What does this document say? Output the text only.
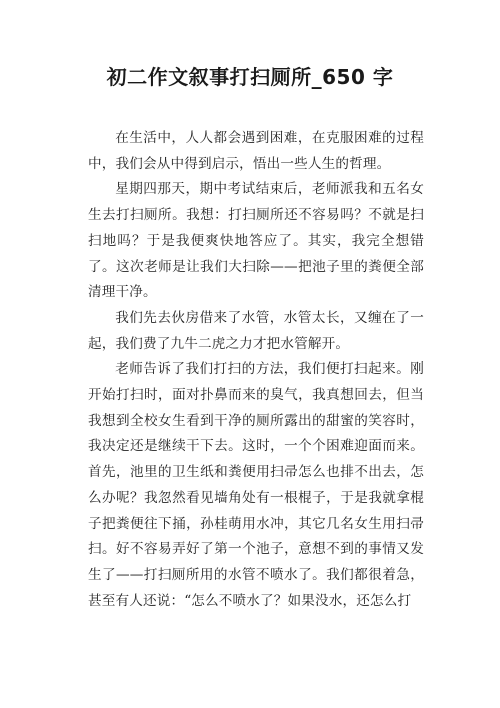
初二作文叙事打扫厕所_650 字

在生活中，人人都会遇到困难，在克服困难的过程中，我们会从中得到启示，悟出一些人生的哲理。

星期四那天，期中考试结束后，老师派我和五名女生去打扫厕所。我想：打扫厕所还不容易吗？不就是扫扫地吗？于是我便爽快地答应了。其实，我完全想错了。这次老师是让我们大扫除——把池子里的粪便全部清理干净。

我们先去伙房借来了水管，水管太长，又缠在了一起，我们费了九牛二虎之力才把水管解开。

老师告诉了我们打扫的方法，我们便打扫起来。刚开始打扫时，面对扑鼻而来的臭气，我真想回去，但当我想到全校女生看到干净的厕所露出的甜蜜的笑容时，我决定还是继续干下去。这时，一个个困难迎面而来。首先，池里的卫生纸和粪便用扫帚怎么也排不出去，怎么办呢？我忽然看见墙角处有一根棍子，于是我就拿棍子把粪便往下捅，孙桂萌用水冲，其它几名女生用扫帚扫。好不容易弄好了第一个池子，意想不到的事情又发生了——打扫厕所用的水管不喷水了。我们都很着急，甚至有人还说：“怎么不喷水了？如果没水，还怎么打
